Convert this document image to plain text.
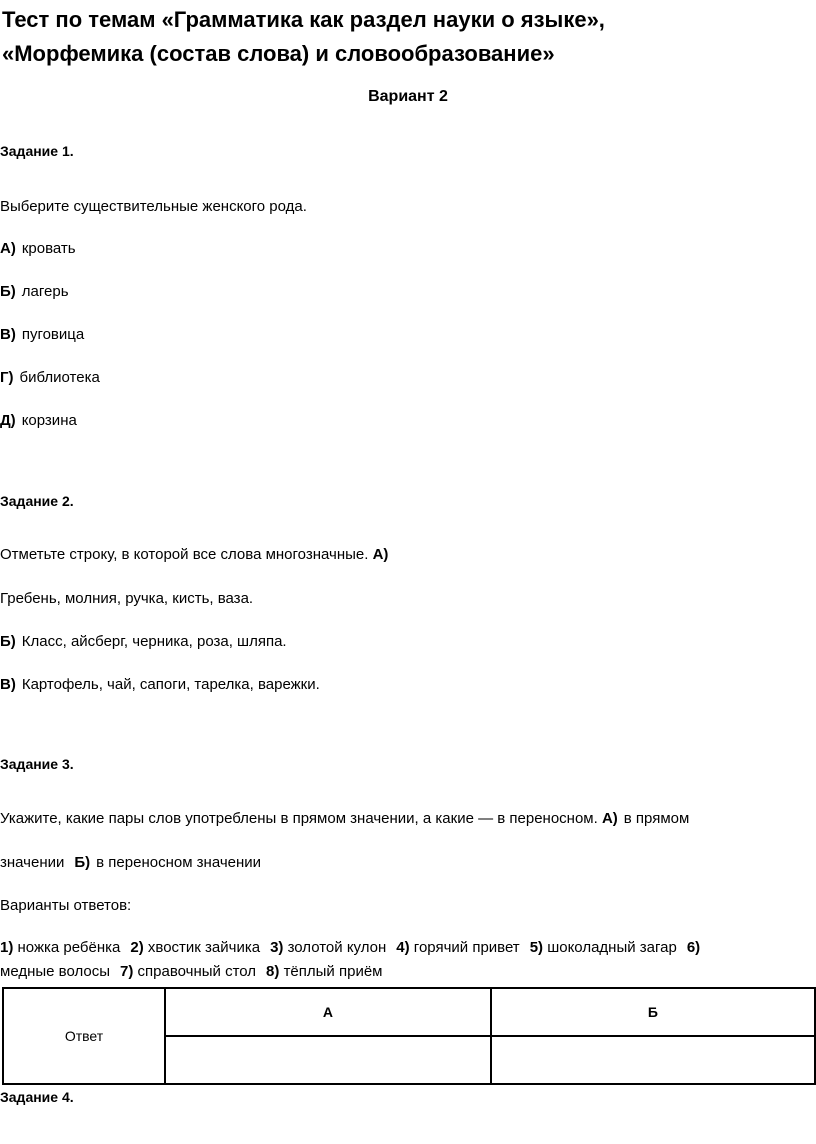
Тест по темам «Грамматика как раздел науки о языке»,
«Морфемика (состав слова) и словообразование»
Вариант 2
Задание 1.
Выберите существительные женского рода.
А) кровать
Б) лагерь
В) пуговица
Г) библиотека
Д) корзина
Задание 2.
Отметьте строку, в которой все слова многозначные. А)
Гребень, молния, ручка, кисть, ваза.
Б) Класс, айсберг, черника, роза, шляпа.
В) Картофель, чай, сапоги, тарелка, варежки.
Задание 3.
Укажите, какие пары слов употреблены в прямом значении, а какие — в переносном. А) в прямом
значении Б) в переносном значении
Варианты ответов:
1) ножка ребёнка 2) хвостик зайчика 3) золотой кулон 4) горячий привет 5) шоколадный загар 6)
медные волосы 7) справочный стол 8) тёплый приём
Ответ	А	Б

Задание 4.
